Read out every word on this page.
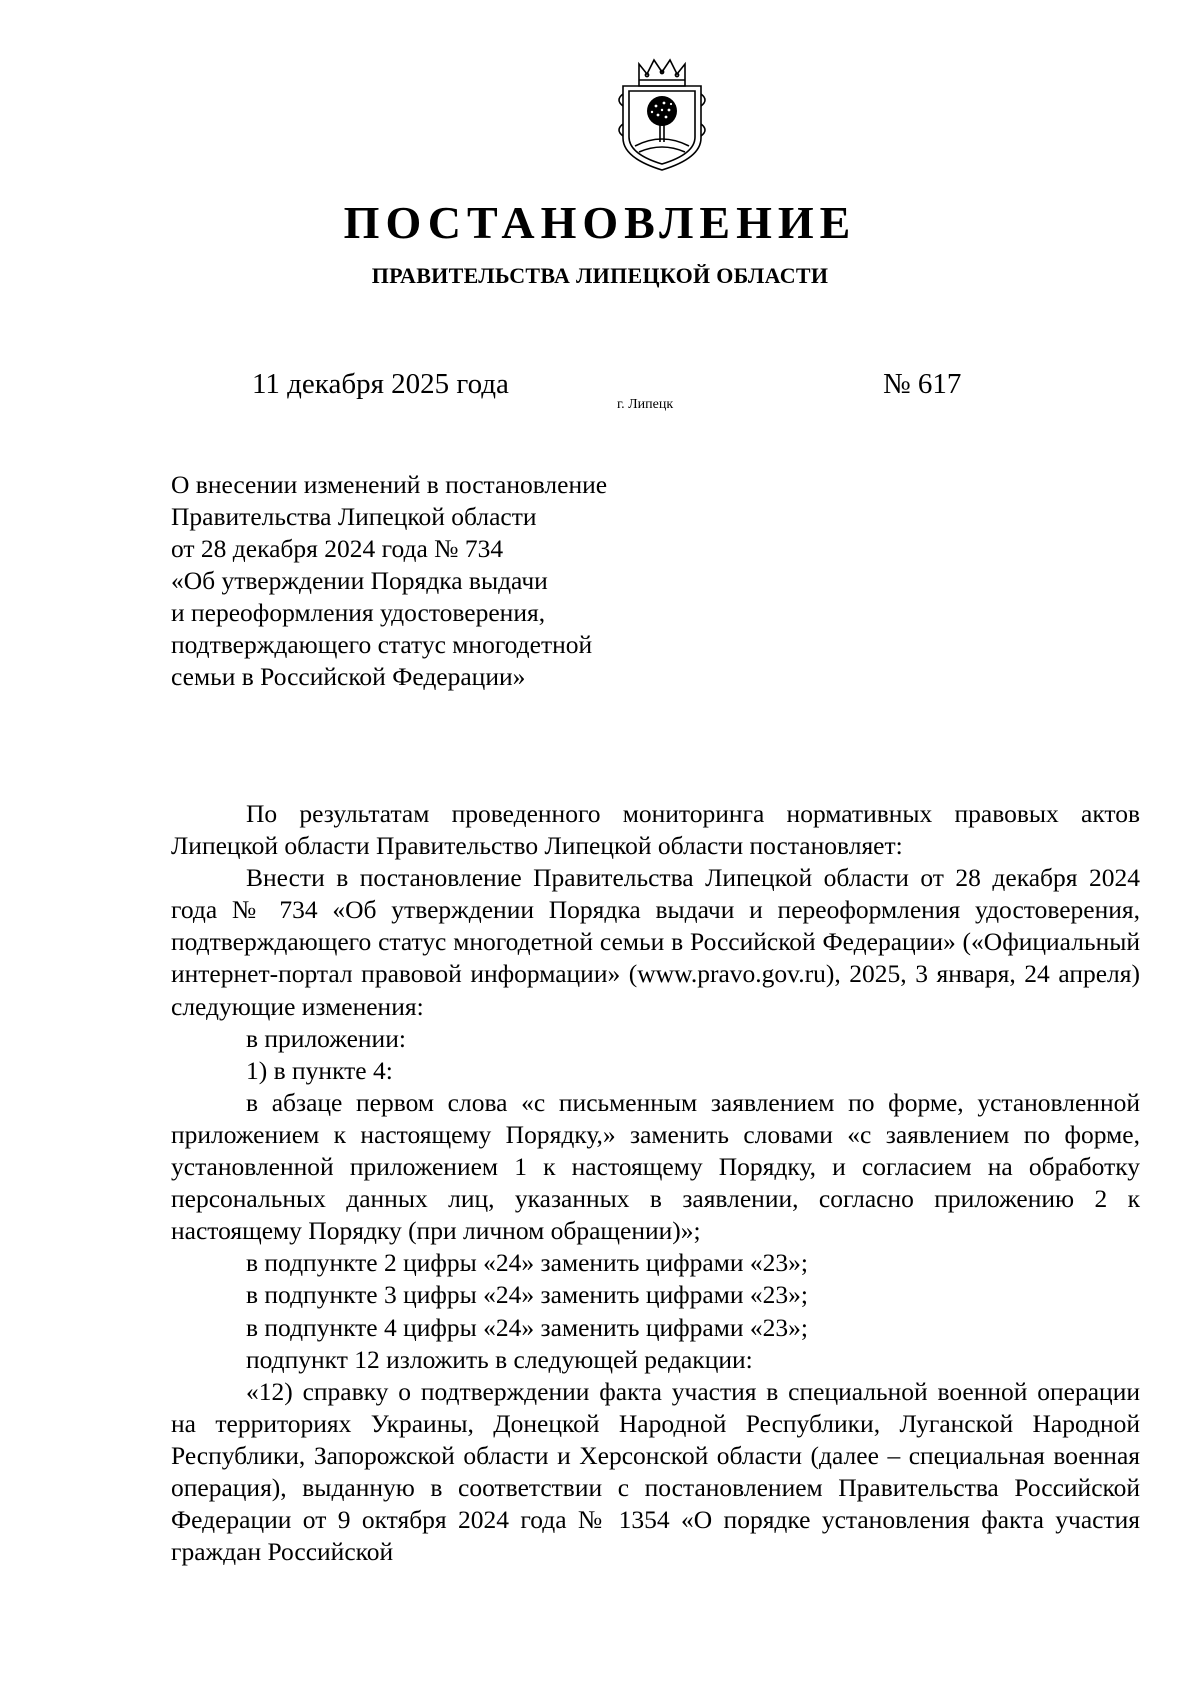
ПОСТАНОВЛЕНИЕ
ПРАВИТЕЛЬСТВА ЛИПЕЦКОЙ ОБЛАСТИ
11 декабря 2025 года
г. Липецк
№ 617
О внесении изменений в постановление
Правительства Липецкой области
от 28 декабря 2024 года № 734
«Об утверждении Порядка выдачи
и переоформления удостоверения,
подтверждающего статус многодетной
семьи в Российской Федерации»

По результатам проведенного мониторинга нормативных правовых актов Липецкой области Правительство Липецкой области постановляет:

Внести в постановление Правительства Липецкой области от 28 декабря 2024 года № 734 «Об утверждении Порядка выдачи и переоформления удостоверения, подтверждающего статус многодетной семьи в Российской Федерации» («Официальный интернет-портал правовой информации» (www.pravo.gov.ru), 2025, 3 января, 24 апреля) следующие изменения:

в приложении:

1) в пункте 4:

в абзаце первом слова «с письменным заявлением по форме, установленной приложением к настоящему Порядку,» заменить словами «с заявлением по форме, установленной приложением 1 к настоящему Порядку, и согласием на обработку персональных данных лиц, указанных в заявлении, согласно приложению 2 к настоящему Порядку (при личном обращении)»;

в подпункте 2 цифры «24» заменить цифрами «23»;

в подпункте 3 цифры «24» заменить цифрами «23»;

в подпункте 4 цифры «24» заменить цифрами «23»;

подпункт 12 изложить в следующей редакции:

«12) справку о подтверждении факта участия в специальной военной операции на территориях Украины, Донецкой Народной Республики, Луганской Народной Республики, Запорожской области и Херсонской области (далее – специальная военная операция), выданную в соответствии с постановлением Правительства Российской Федерации от 9 октября 2024 года № 1354 «О порядке установления факта участия граждан Российской
